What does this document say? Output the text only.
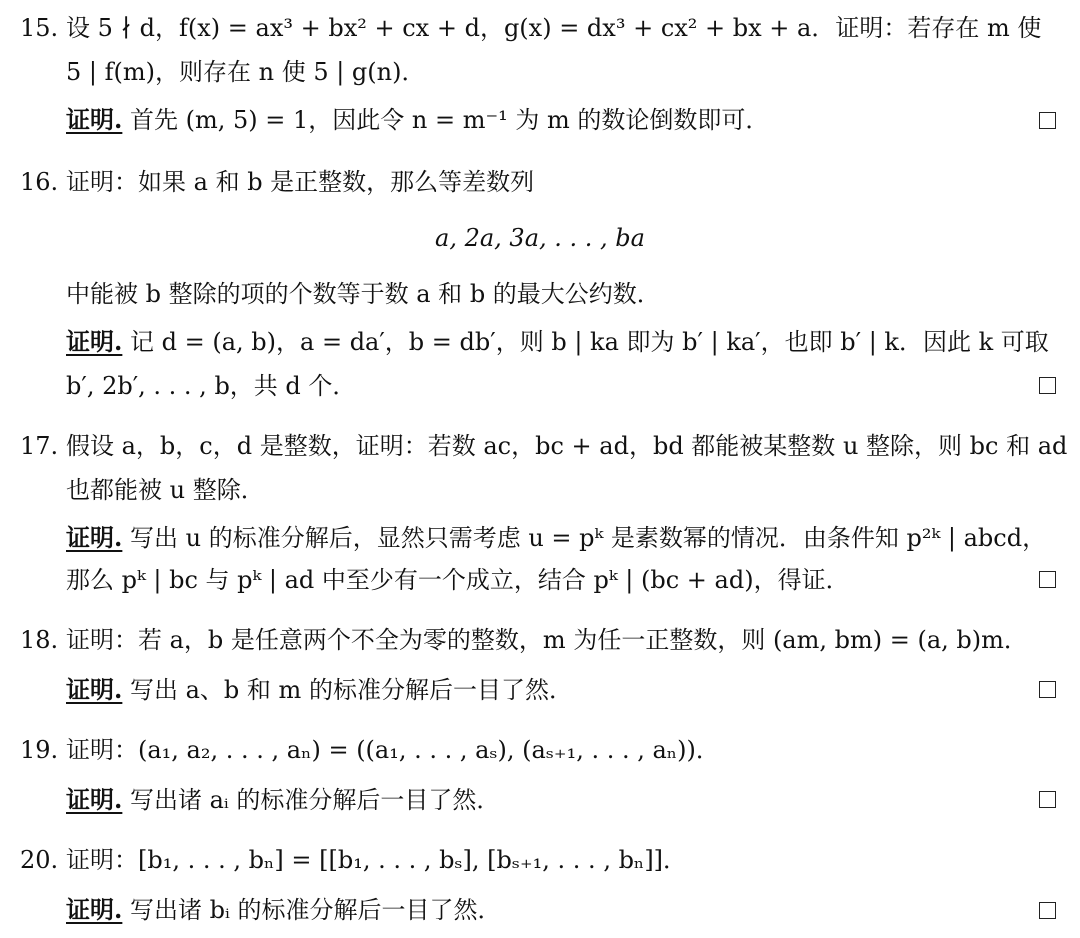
15. 设 5 ∤ d，f(x) = ax³ + bx² + cx + d，g(x) = dx³ + cx² + bx + a．证明：若存在 m 使
5 | f(m)，则存在 n 使 5 | g(n)．
证明. 首先 (m, 5) = 1，因此令 n = m⁻¹ 为 m 的数论倒数即可．
16. 证明：如果 a 和 b 是正整数，那么等差数列
a, 2a, 3a, . . . , ba
中能被 b 整除的项的个数等于数 a 和 b 的最大公约数．
证明. 记 d = (a, b)，a = da′，b = db′，则 b | ka 即为 b′ | ka′，也即 b′ | k．因此 k 可取
b′, 2b′, . . . , b，共 d 个．
17. 假设 a，b，c，d 是整数，证明：若数 ac，bc + ad，bd 都能被某整数 u 整除，则 bc 和 ad
也都能被 u 整除．
证明. 写出 u 的标准分解后，显然只需考虑 u = pᵏ 是素数幂的情况．由条件知 p²ᵏ | abcd，
那么 pᵏ | bc 与 pᵏ | ad 中至少有一个成立，结合 pᵏ | (bc + ad)，得证．
18. 证明：若 a，b 是任意两个不全为零的整数，m 为任一正整数，则 (am, bm) = (a, b)m．
证明. 写出 a、b 和 m 的标准分解后一目了然．
19. 证明：(a₁, a₂, . . . , aₙ) = ((a₁, . . . , aₛ), (aₛ₊₁, . . . , aₙ))．
证明. 写出诸 aᵢ 的标准分解后一目了然．
20. 证明：[b₁, . . . , bₙ] = [[b₁, . . . , bₛ], [bₛ₊₁, . . . , bₙ]]．
证明. 写出诸 bᵢ 的标准分解后一目了然．
